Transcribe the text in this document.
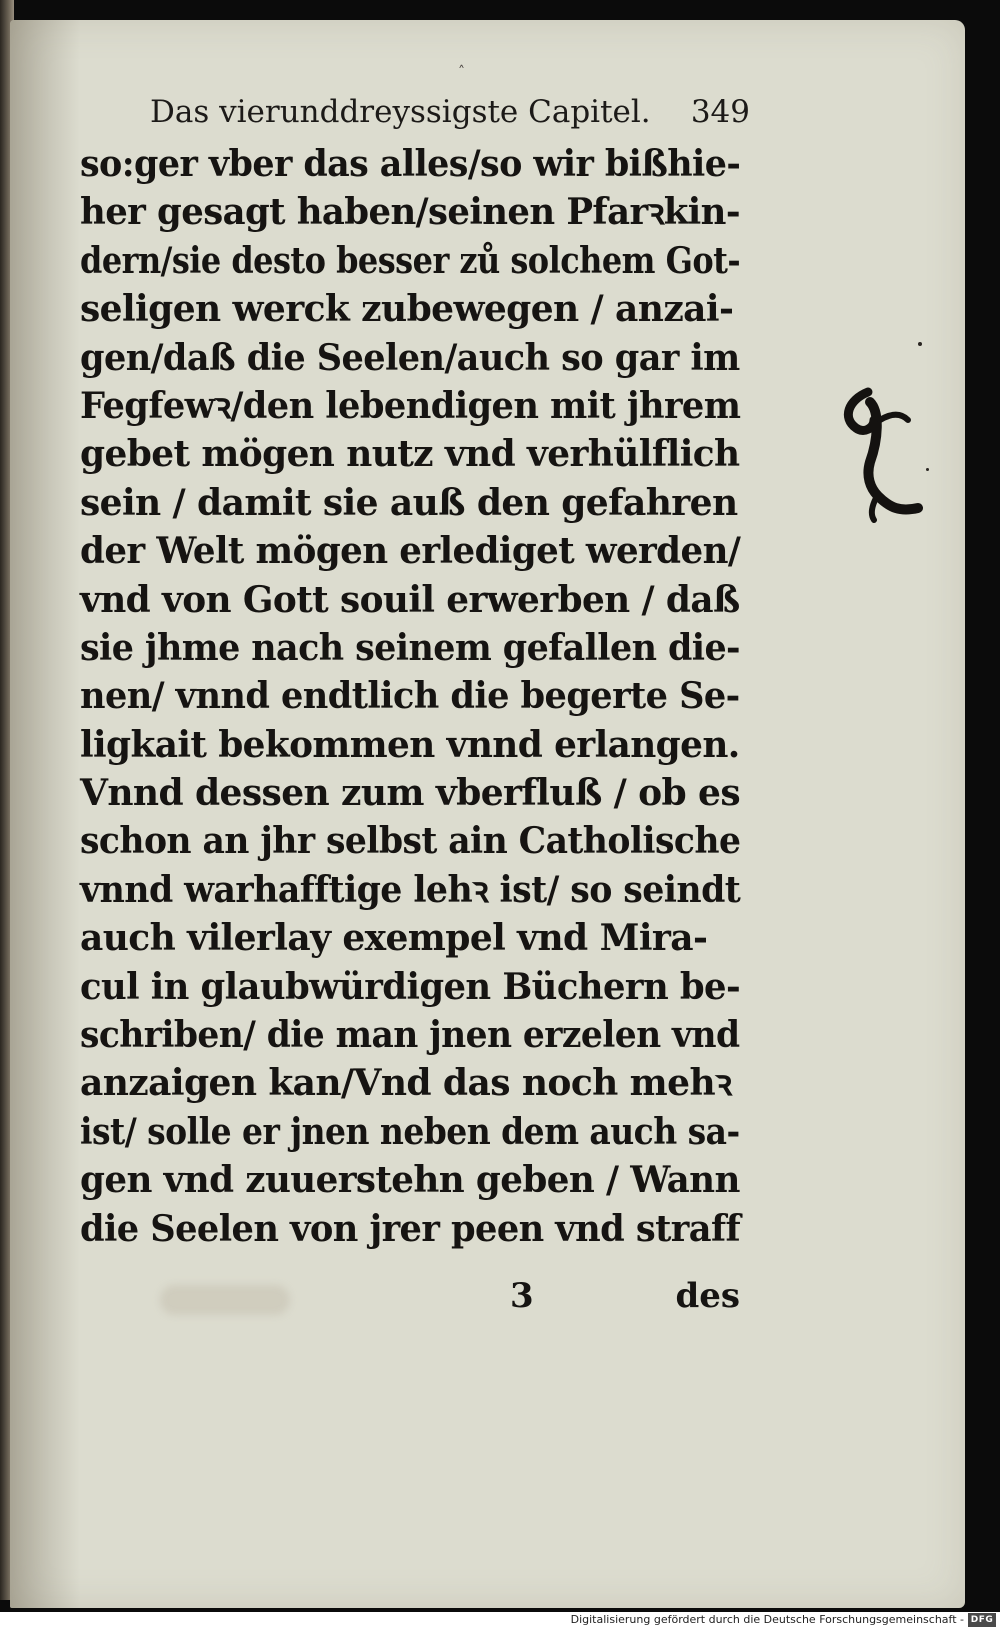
˄
Das vierunddreyssigste Capitel. 349
so:ger vber das alles/so wir bißhie-
her gesagt haben/seinen Pfarꝛkin-
dern/sie desto besser zů solchem Got-
seligen werck zubewegen / anzai-
gen/daß die Seelen/auch so gar im
Fegfewꝛ/den lebendigen mit jhrem
gebet mögen nutz vnd verhülflich
sein / damit sie auß den gefahren
der Welt mögen erlediget werden/
vnd von Gott souil erwerben / daß
sie jhme nach seinem gefallen die-
nen/ vnnd endtlich die begerte Se-
ligkait bekommen vnnd erlangen.
Vnnd dessen zum vberfluß / ob es
schon an jhr selbst ain Catholische
vnnd warhafftige lehꝛ ist/ so seindt
auch vilerlay exempel vnd Mira-
cul in glaubwürdigen Büchern be-
schriben/ die man jnen erzelen vnd
anzaigen kan/Vnd das noch mehꝛ
ist/ solle er jnen neben dem auch sa-
gen vnd zuuerstehn geben / Wann
die Seelen von jrer peen vnd straff
3	des
Digitalisierung gefördert durch die Deutsche Forschungsgemeinschaft - DFG
